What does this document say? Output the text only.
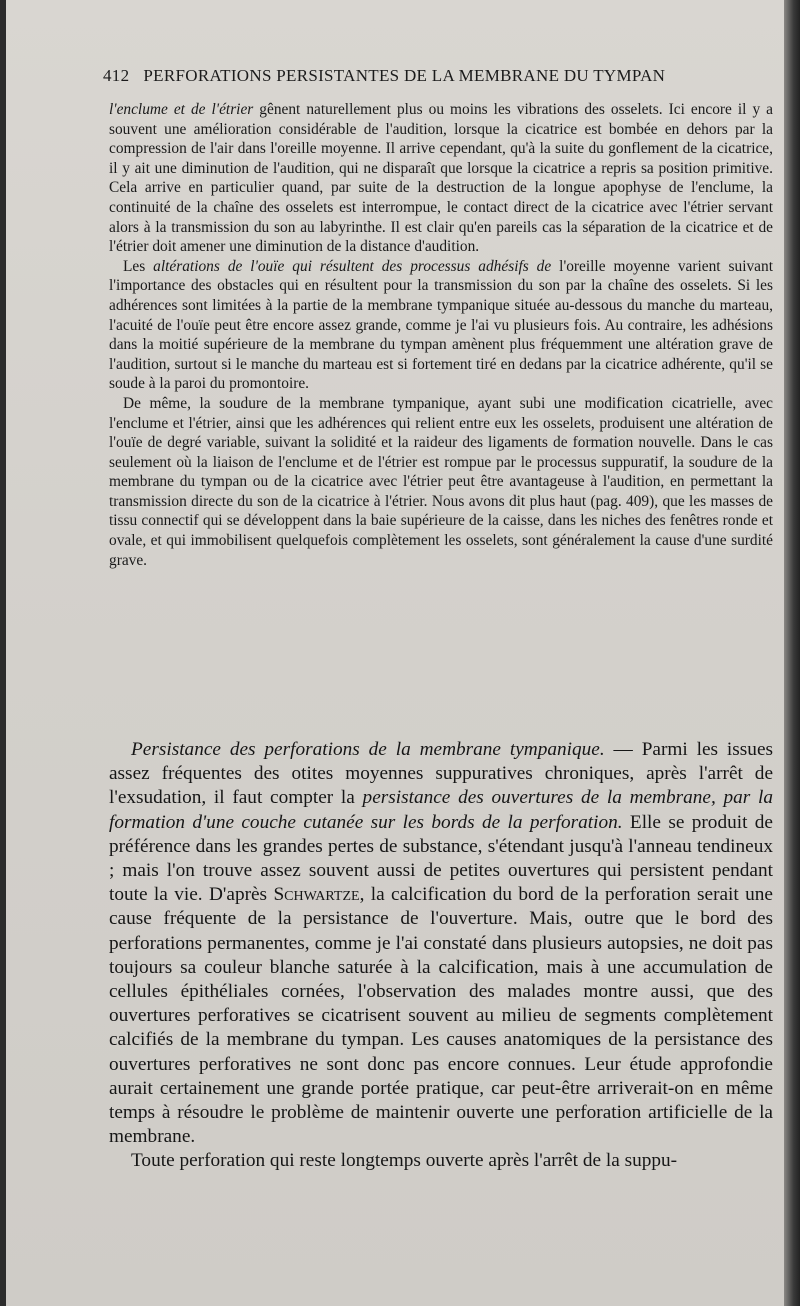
412 PERFORATIONS PERSISTANTES DE LA MEMBRANE DU TYMPAN

l'enclume et de l'étrier gênent naturellement plus ou moins les vibrations des osselets. Ici encore il y a souvent une amélioration considérable de l'audition, lorsque la cicatrice est bombée en dehors par la compression de l'air dans l'oreille moyenne. Il arrive cependant, qu'à la suite du gonflement de la cicatrice, il y ait une diminution de l'audition, qui ne disparaît que lorsque la cicatrice a repris sa position primitive. Cela arrive en particulier quand, par suite de la destruction de la longue apophyse de l'enclume, la continuité de la chaîne des osselets est interrompue, le contact direct de la cicatrice avec l'étrier servant alors à la transmission du son au labyrinthe. Il est clair qu'en pareils cas la séparation de la cicatrice et de l'étrier doit amener une diminution de la distance d'audition.

Les altérations de l'ouïe qui résultent des processus adhésifs de l'oreille moyenne varient suivant l'importance des obstacles qui en résultent pour la transmission du son par la chaîne des osselets. Si les adhérences sont limitées à la partie de la membrane tympanique située au-dessous du manche du marteau, l'acuité de l'ouïe peut être encore assez grande, comme je l'ai vu plusieurs fois. Au contraire, les adhésions dans la moitié supérieure de la membrane du tympan amènent plus fréquemment une altération grave de l'audition, surtout si le manche du marteau est si fortement tiré en dedans par la cicatrice adhérente, qu'il se soude à la paroi du promontoire.

De même, la soudure de la membrane tympanique, ayant subi une modification cicatrielle, avec l'enclume et l'étrier, ainsi que les adhérences qui relient entre eux les osselets, produisent une altération de l'ouïe de degré variable, suivant la solidité et la raideur des ligaments de formation nouvelle. Dans le cas seulement où la liaison de l'enclume et de l'étrier est rompue par le processus suppuratif, la soudure de la membrane du tympan ou de la cicatrice avec l'étrier peut être avantageuse à l'audition, en permettant la transmission directe du son de la cicatrice à l'étrier. Nous avons dit plus haut (pag. 409), que les masses de tissu connectif qui se développent dans la baie supérieure de la caisse, dans les niches des fenêtres ronde et ovale, et qui immobilisent quelquefois complètement les osselets, sont généralement la cause d'une surdité grave.

Persistance des perforations de la membrane tympanique. — Parmi les issues assez fréquentes des otites moyennes suppuratives chroniques, après l'arrêt de l'exsudation, il faut compter la persistance des ouvertures de la membrane, par la formation d'une couche cutanée sur les bords de la perforation. Elle se produit de préférence dans les grandes pertes de substance, s'étendant jusqu'à l'anneau tendineux ; mais l'on trouve assez souvent aussi de petites ouvertures qui persistent pendant toute la vie. D'après Schwartze, la calcification du bord de la perforation serait une cause fréquente de la persistance de l'ouverture. Mais, outre que le bord des perforations permanentes, comme je l'ai constaté dans plusieurs autopsies, ne doit pas toujours sa couleur blanche saturée à la calcification, mais à une accumulation de cellules épithéliales cornées, l'observation des malades montre aussi, que des ouvertures perforatives se cicatrisent souvent au milieu de segments complètement calcifiés de la membrane du tympan. Les causes anatomiques de la persistance des ouvertures perforatives ne sont donc pas encore connues. Leur étude approfondie aurait certainement une grande portée pratique, car peut-être arriverait-on en même temps à résoudre le problème de maintenir ouverte une perforation artificielle de la membrane.

Toute perforation qui reste longtemps ouverte après l'arrêt de la suppu-
